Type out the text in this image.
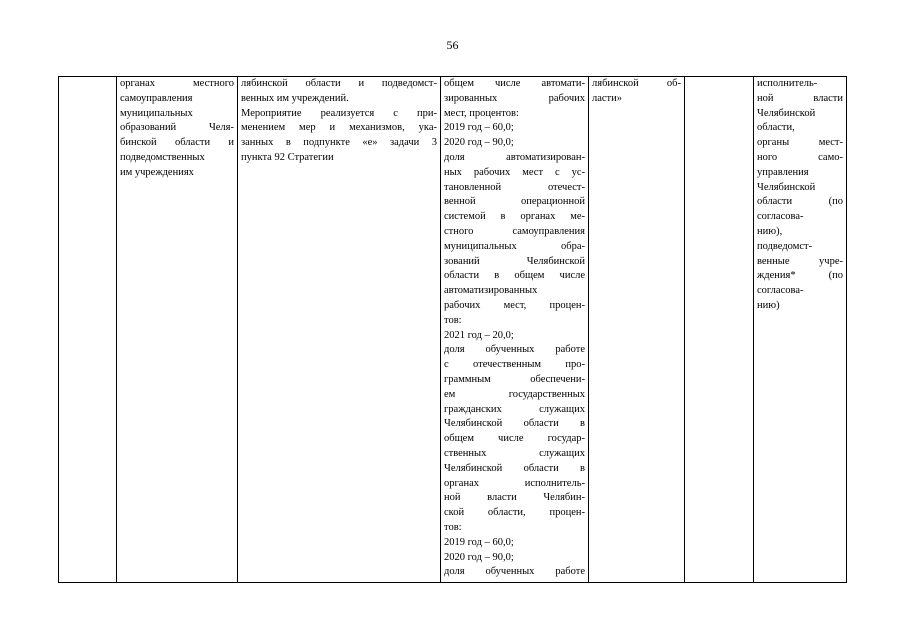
56

органах местного
самоуправления
муниципальных
образований Челя-
бинской области и
подведомственных
им учреждениях

лябинской области и подведомст-
венных им учреждений.
Мероприятие реализуется с при-
менением мер и механизмов, ука-
занных в подпункте «е» задачи 3
пункта 92 Стратегии

общем числе автомати-
зированных рабочих
мест, процентов:
2019 год – 60,0;
2020 год – 90,0;
доля автоматизирован-
ных рабочих мест с ус-
тановленной отечест-
венной операционной
системой в органах ме-
стного самоуправления
муниципальных обра-
зований Челябинской
области в общем числе
автоматизированных
рабочих мест, процен-
тов:
2021 год – 20,0;
доля обученных работе
с отечественным про-
граммным обеспечени-
ем государственных
гражданских служащих
Челябинской области в
общем числе государ-
ственных служащих
Челябинской области в
органах исполнитель-
ной власти Челябин-
ской области, процен-
тов:
2019 год – 60,0;
2020 год – 90,0;
доля обученных работе

лябинской об-
ласти»

исполнитель-
ной власти
Челябинской
области,
органы мест-
ного само-
управления
Челябинской
области (по
согласова-
нию),
подведомст-
венные учре-
ждения* (по
согласова-
нию)
